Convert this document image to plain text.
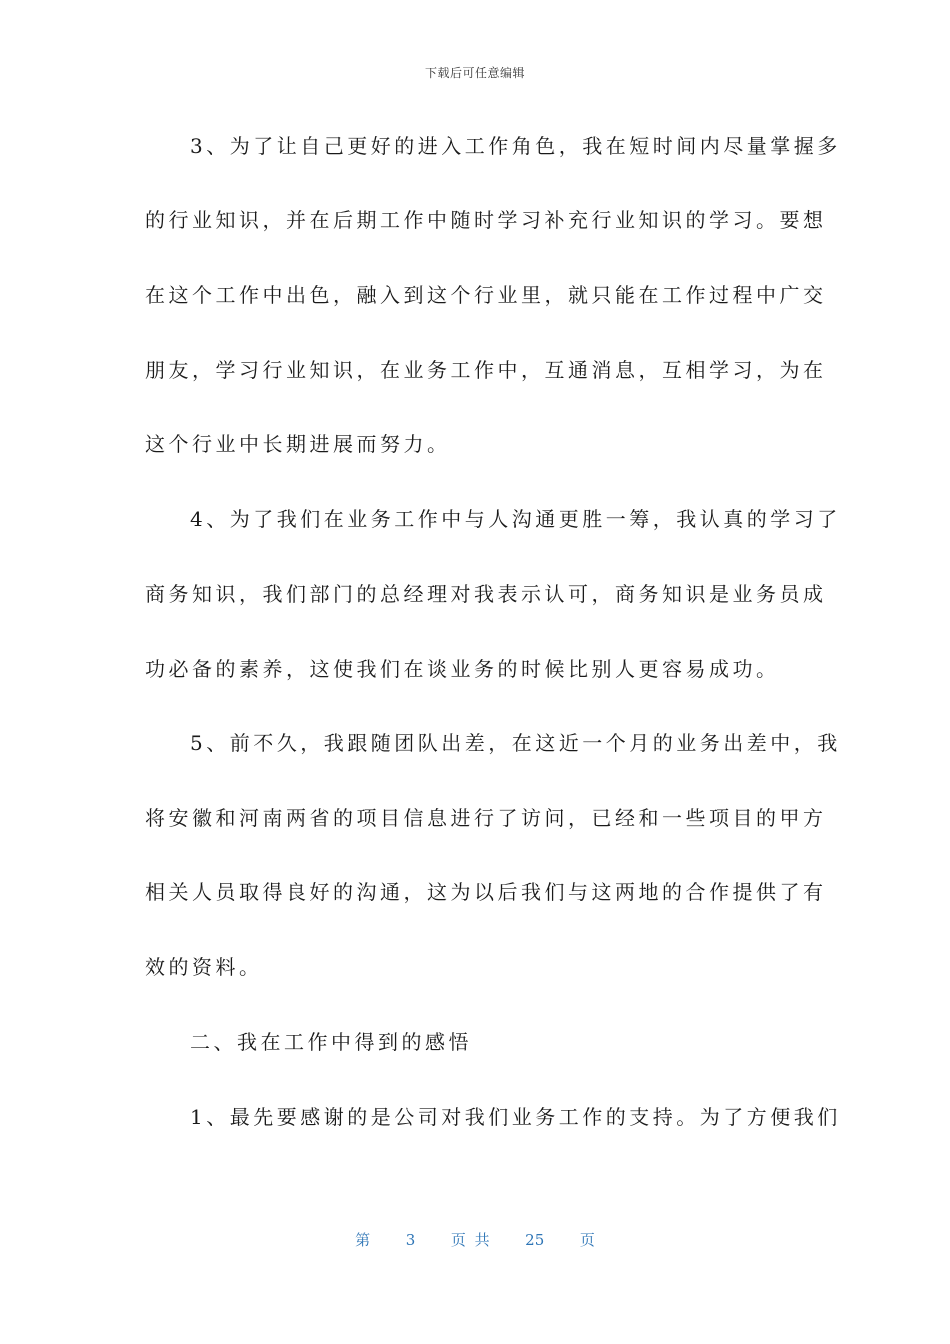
下载后可任意编辑
3、为了让自己更好的进入工作角色，我在短时间内尽量掌握多
的行业知识，并在后期工作中随时学习补充行业知识的学习。要想
在这个工作中出色，融入到这个行业里，就只能在工作过程中广交
朋友，学习行业知识，在业务工作中，互通消息，互相学习，为在
这个行业中长期进展而努力。
4、为了我们在业务工作中与人沟通更胜一筹，我认真的学习了
商务知识，我们部门的总经理对我表示认可，商务知识是业务员成
功必备的素养，这使我们在谈业务的时候比别人更容易成功。
5、前不久，我跟随团队出差，在这近一个月的业务出差中，我
将安徽和河南两省的项目信息进行了访问，已经和一些项目的甲方
相关人员取得良好的沟通，这为以后我们与这两地的合作提供了有
效的资料。
二、我在工作中得到的感悟
1、最先要感谢的是公司对我们业务工作的支持。为了方便我们
第 3 页 共 25 页
